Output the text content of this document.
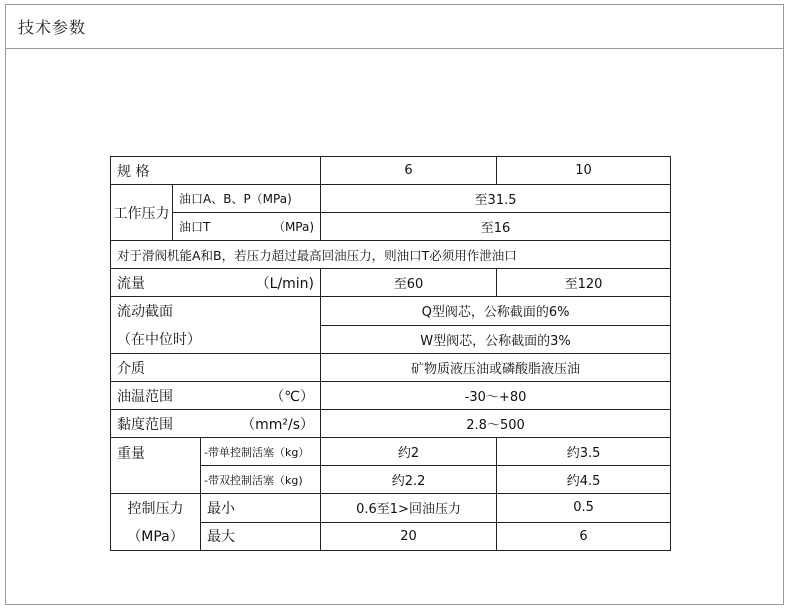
技术参数
规 格			6	10
工作压力	油口A、B、P（MPa)		至31.5	

	油口T （MPa)		至16	
对于滑阀机能A和B，若压力超过最高回油压力，则油口T必须用作泄油口				

流量 （L/min)			至60	至120

流动截面
（在中位时）			Q型阀芯，公称截面的6%	
			W型阀芯，公称截面的3%	
介质			矿物质液压油或磷酸脂液压油	

油温范围 （℃）			-30～+80	

黏度范围 （mm²/s）			2.8～500	
重量		-带单控制活塞（kg）	约2	约3.5
		-带双控制活塞（kg)	约2.2	约4.5

控制压力
（MPa）		最小	0.6至1>回油压力	0.5
		最大	20	6
